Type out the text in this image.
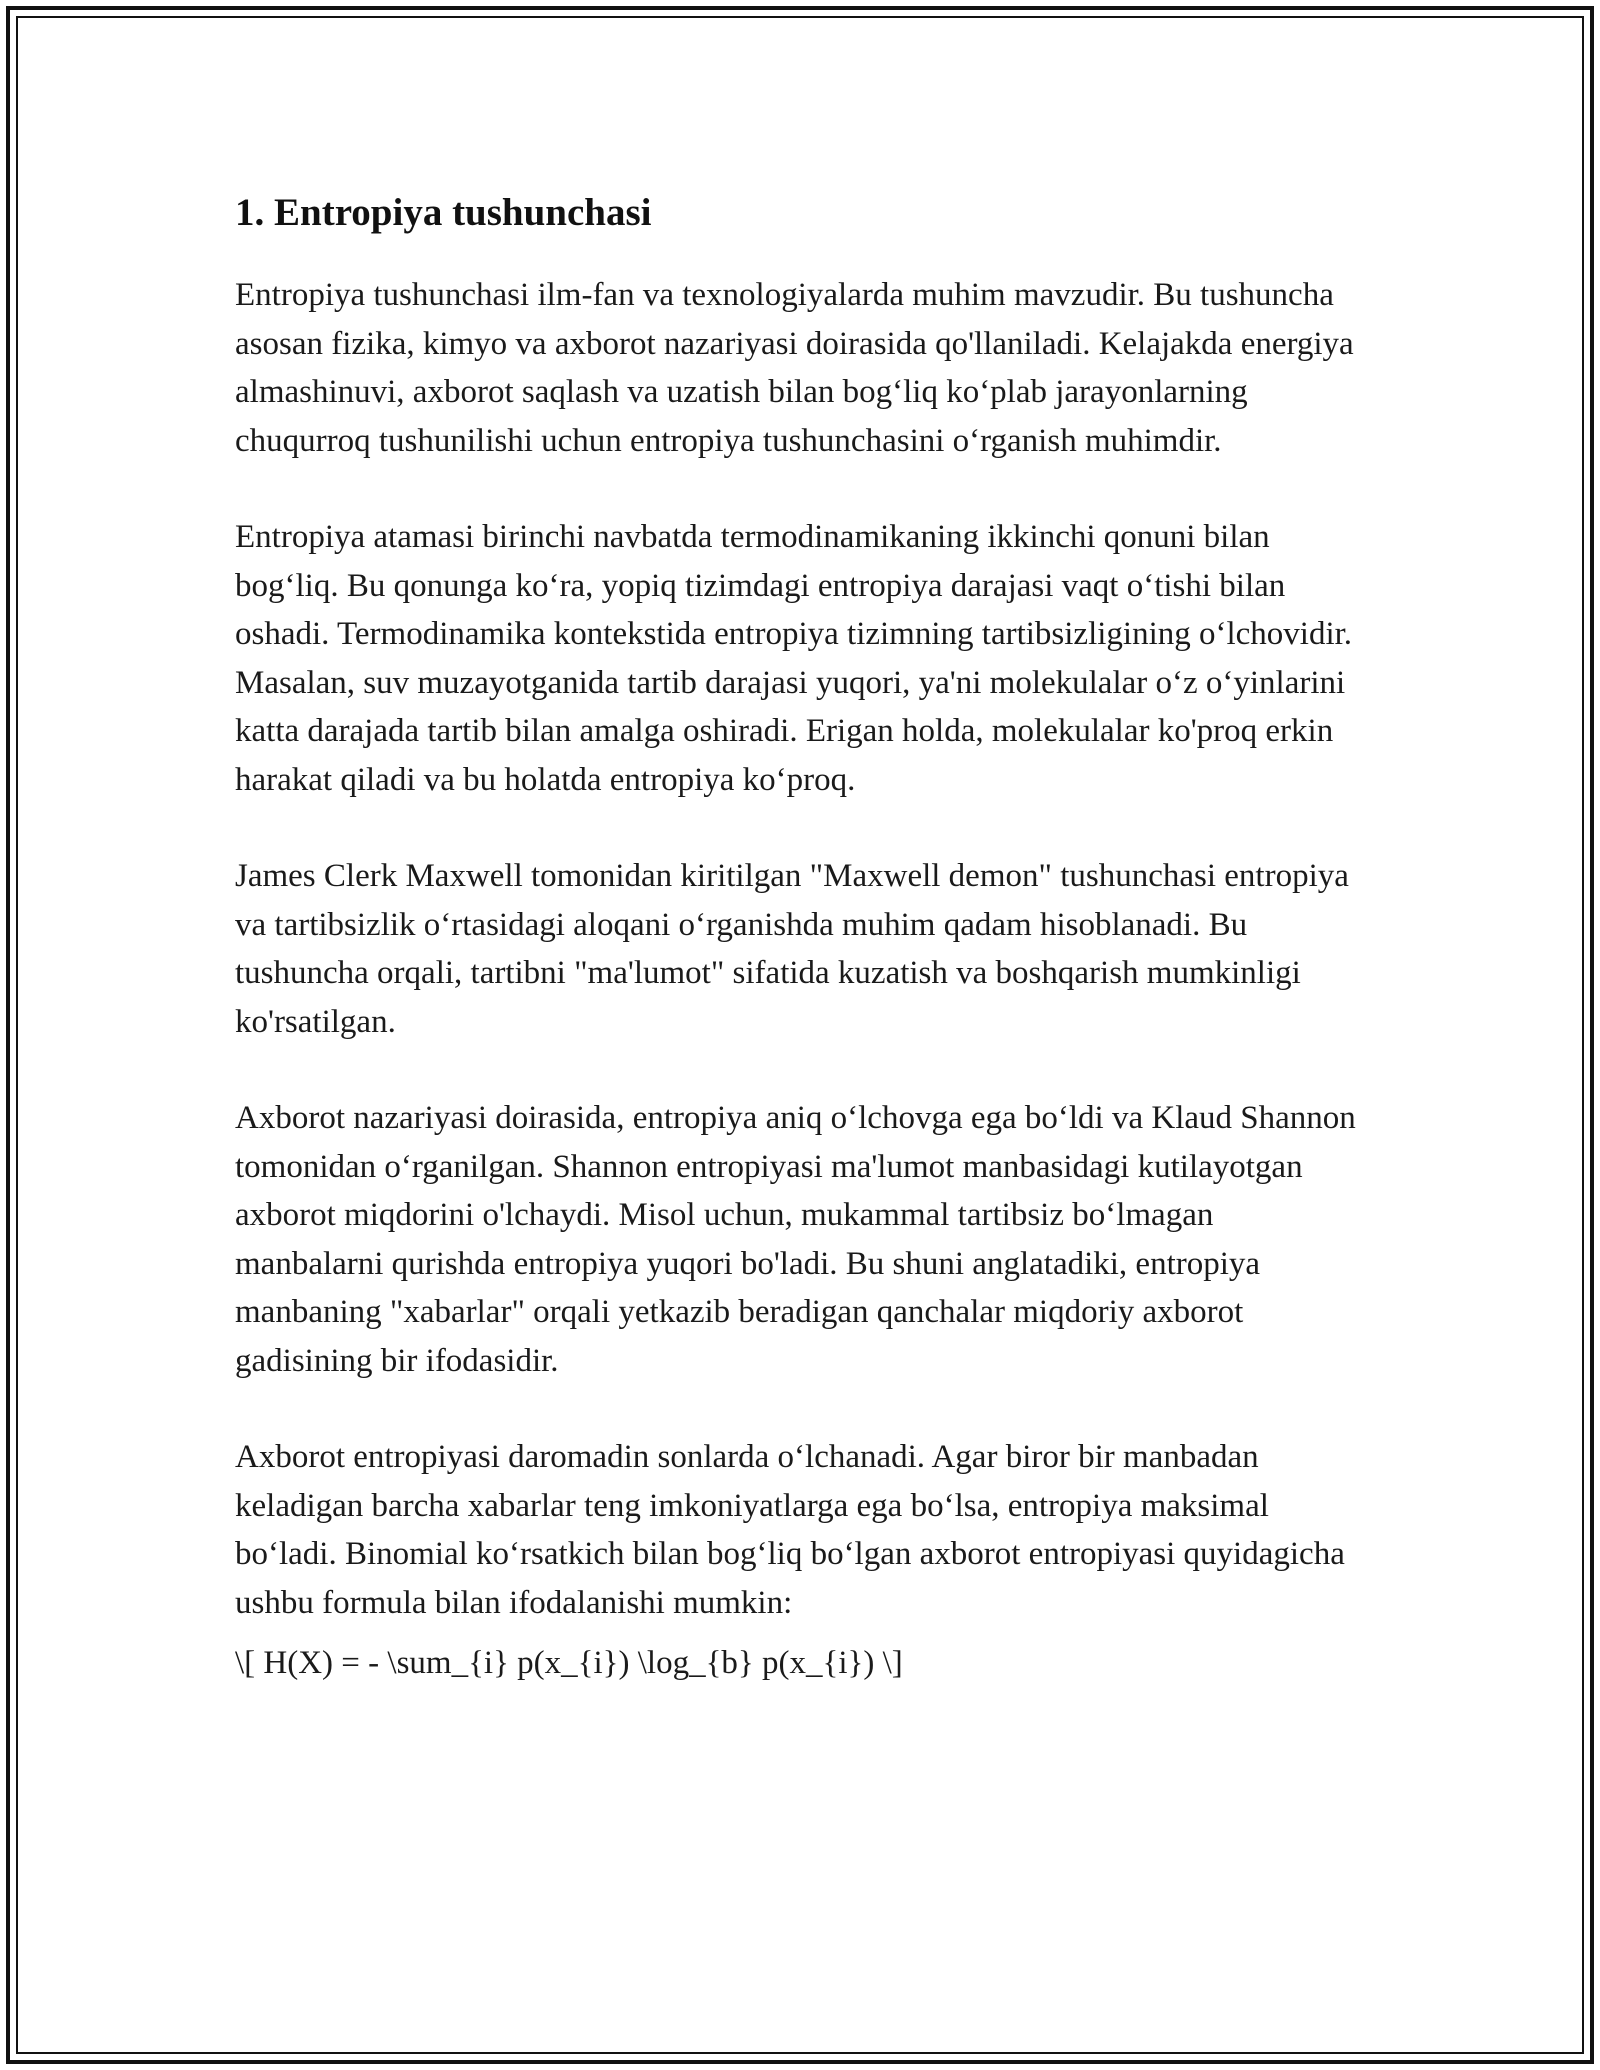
1. Entropiya tushunchasi

Entropiya tushunchasi ilm-fan va texnologiyalarda muhim mavzudir. Bu tushuncha asosan fizika, kimyo va axborot nazariyasi doirasida qo'llaniladi. Kelajakda energiya almashinuvi, axborot saqlash va uzatish bilan bog‘liq ko‘plab jarayonlarning chuqurroq tushunilishi uchun entropiya tushunchasini o‘rganish muhimdir.

Entropiya atamasi birinchi navbatda termodinamikaning ikkinchi qonuni bilan bog‘liq. Bu qonunga ko‘ra, yopiq tizimdagi entropiya darajasi vaqt o‘tishi bilan oshadi. Termodinamika kontekstida entropiya tizimning tartibsizligining o‘lchovidir. Masalan, suv muzayotganida tartib darajasi yuqori, ya'ni molekulalar o‘z o‘yinlarini katta darajada tartib bilan amalga oshiradi. Erigan holda, molekulalar ko'proq erkin harakat qiladi va bu holatda entropiya ko‘proq.

James Clerk Maxwell tomonidan kiritilgan "Maxwell demon" tushunchasi entropiya va tartibsizlik o‘rtasidagi aloqani o‘rganishda muhim qadam hisoblanadi. Bu tushuncha orqali, tartibni "ma'lumot" sifatida kuzatish va boshqarish mumkinligi ko'rsatilgan.

Axborot nazariyasi doirasida, entropiya aniq o‘lchovga ega bo‘ldi va Klaud Shannon tomonidan o‘rganilgan. Shannon entropiyasi ma'lumot manbasidagi kutilayotgan axborot miqdorini o'lchaydi. Misol uchun, mukammal tartibsiz bo‘lmagan manbalarni qurishda entropiya yuqori bo'ladi. Bu shuni anglatadiki, entropiya manbaning "xabarlar" orqali yetkazib beradigan qanchalar miqdoriy axborot gadisining bir ifodasidir.

Axborot entropiyasi daromadin sonlarda o‘lchanadi. Agar biror bir manbadan keladigan barcha xabarlar teng imkoniyatlarga ega bo‘lsa, entropiya maksimal bo‘ladi. Binomial ko‘rsatkich bilan bog‘liq bo‘lgan axborot entropiyasi quyidagicha ushbu formula bilan ifodalanishi mumkin:

\[ H(X) = - \sum_{i} p(x_{i}) \log_{b} p(x_{i}) \]
